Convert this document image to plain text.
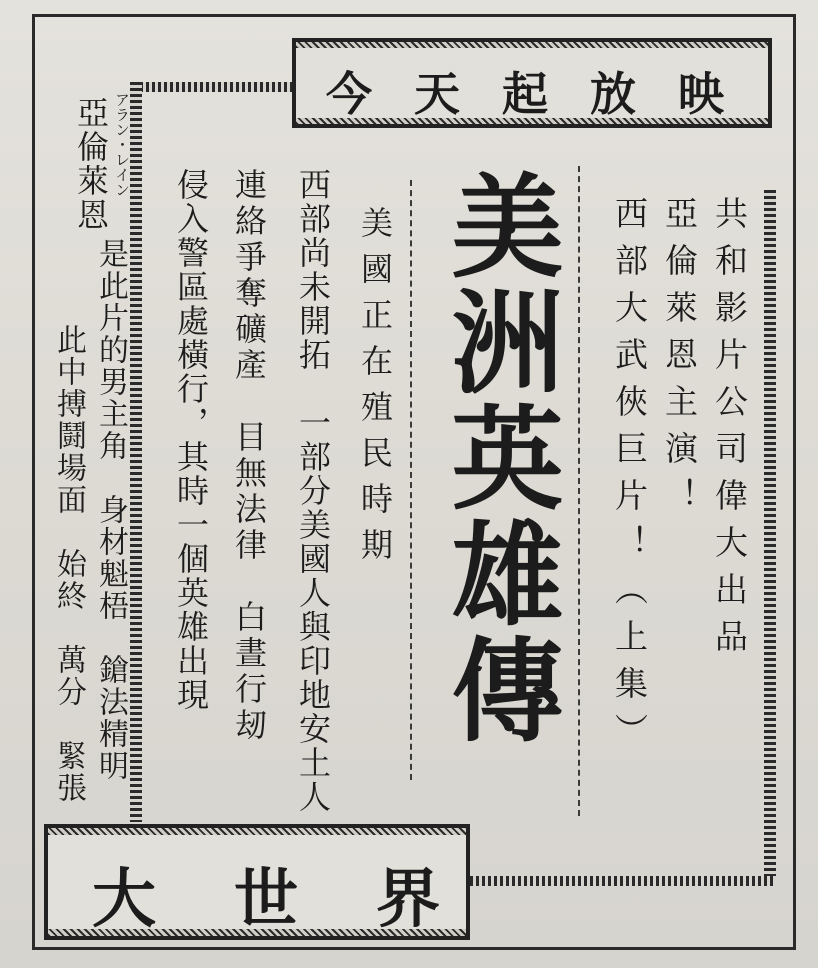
今天起放映
大世界
共和影片公司偉大出品
亞倫萊恩主演！
西部大武俠巨片！（上集）
美洲英雄傳
美國正在殖民時期
西部尚未開拓　一部分美國人與印地安土人
連絡爭奪礦產　目無法律　白晝行刼
侵入警區處橫行，其時一個英雄出現
アラン・レイン
亞倫萊恩
是此片的男主角　身材魁梧　鎗法精明
此中搏鬪場面　始終　萬分　緊張
